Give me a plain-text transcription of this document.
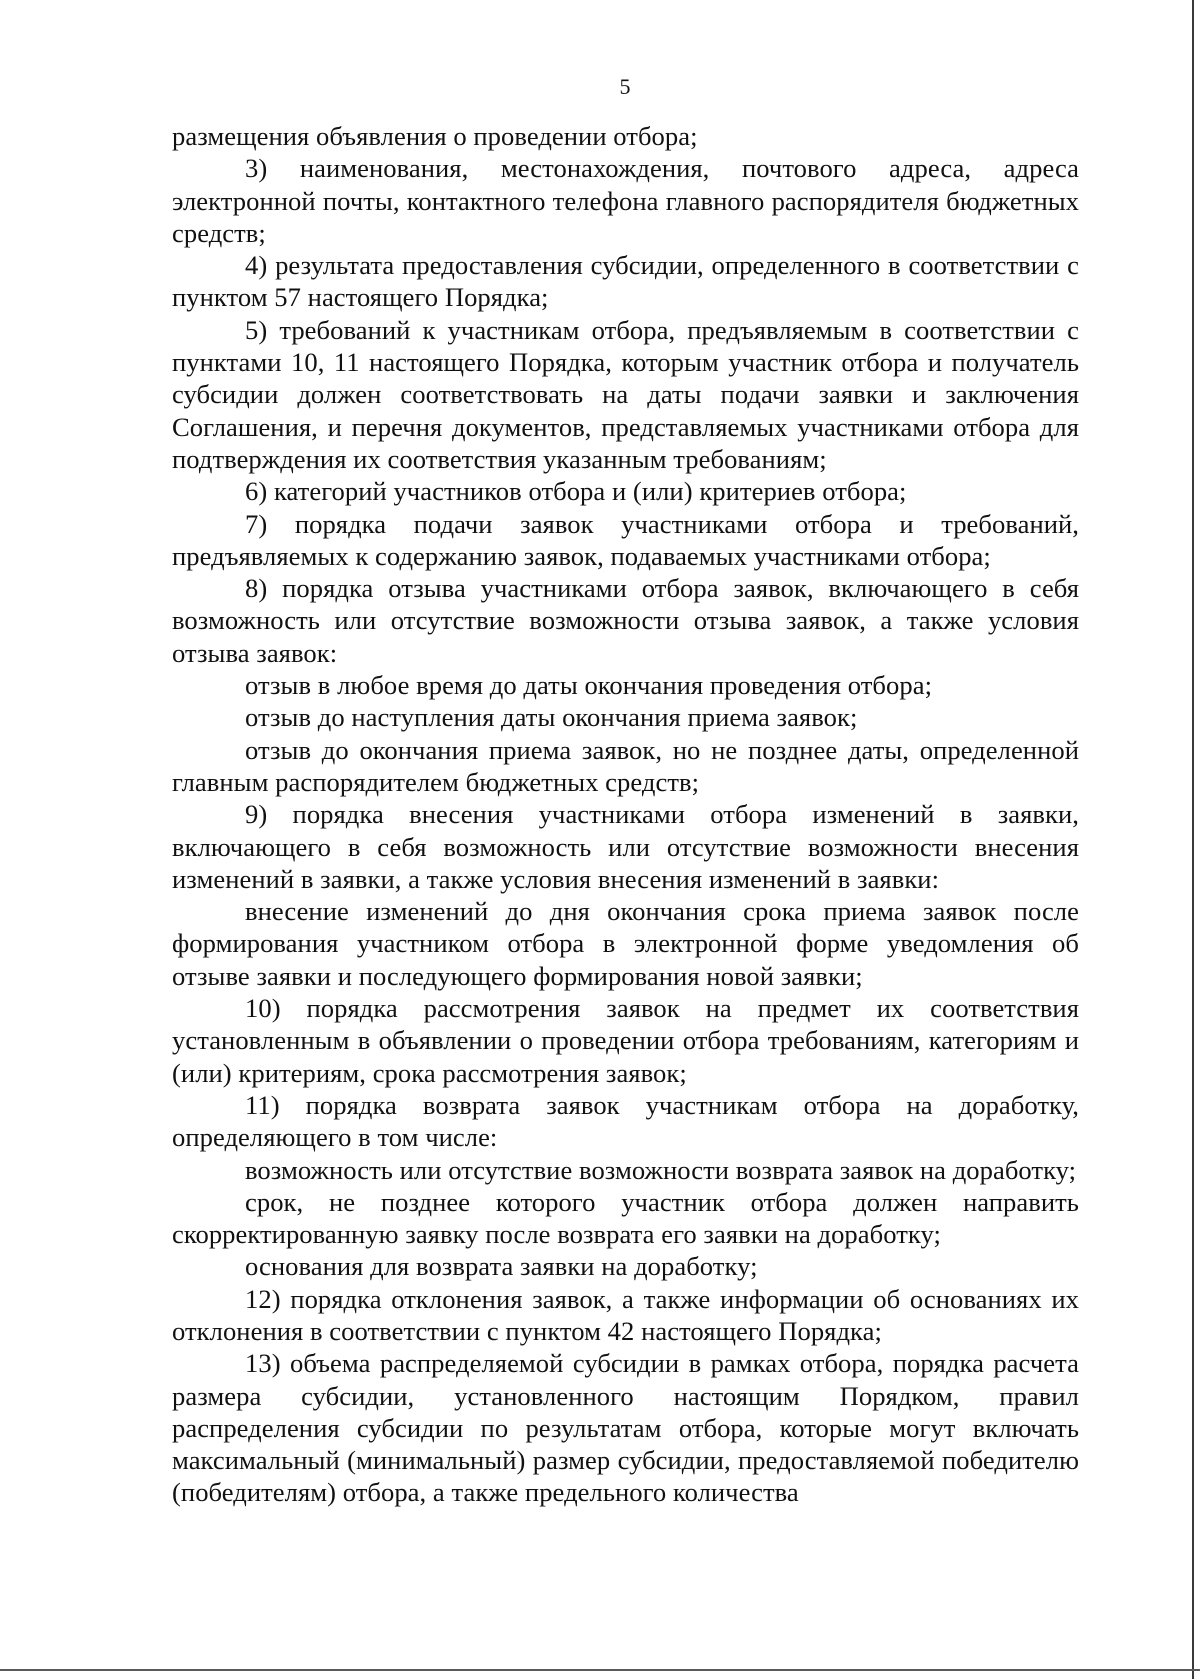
5

размещения объявления о проведении отбора;

3) наименования, местонахождения, почтового адреса, адреса электронной почты, контактного телефона главного распорядителя бюджетных средств;

4) результата предоставления субсидии, определенного в соответствии с пунктом 57 настоящего Порядка;

5) требований к участникам отбора, предъявляемым в соответствии с пунктами 10, 11 настоящего Порядка, которым участник отбора и получатель субсидии должен соответствовать на даты подачи заявки и заключения Соглашения, и перечня документов, представляемых участниками отбора для подтверждения их соответствия указанным требованиям;

6) категорий участников отбора и (или) критериев отбора;

7) порядка подачи заявок участниками отбора и требований, предъявляемых к содержанию заявок, подаваемых участниками отбора;

8) порядка отзыва участниками отбора заявок, включающего в себя возможность или отсутствие возможности отзыва заявок, а также условия отзыва заявок:

отзыв в любое время до даты окончания проведения отбора;

отзыв до наступления даты окончания приема заявок;

отзыв до окончания приема заявок, но не позднее даты, определенной главным распорядителем бюджетных средств;

9) порядка внесения участниками отбора изменений в заявки, включающего в себя возможность или отсутствие возможности внесения изменений в заявки, а также условия внесения изменений в заявки:

внесение изменений до дня окончания срока приема заявок после формирования участником отбора в электронной форме уведомления об отзыве заявки и последующего формирования новой заявки;

10) порядка рассмотрения заявок на предмет их соответствия установленным в объявлении о проведении отбора требованиям, категориям и (или) критериям, срока рассмотрения заявок;

11) порядка возврата заявок участникам отбора на доработку, определяющего в том числе:

возможность или отсутствие возможности возврата заявок на доработку;

срок, не позднее которого участник отбора должен направить скорректированную заявку после возврата его заявки на доработку;

основания для возврата заявки на доработку;

12) порядка отклонения заявок, а также информации об основаниях их отклонения в соответствии с пунктом 42 настоящего Порядка;

13) объема распределяемой субсидии в рамках отбора, порядка расчета размера субсидии, установленного настоящим Порядком, правил распределения субсидии по результатам отбора, которые могут включать максимальный (минимальный) размер субсидии, предоставляемой победителю (победителям) отбора, а также предельного количества
